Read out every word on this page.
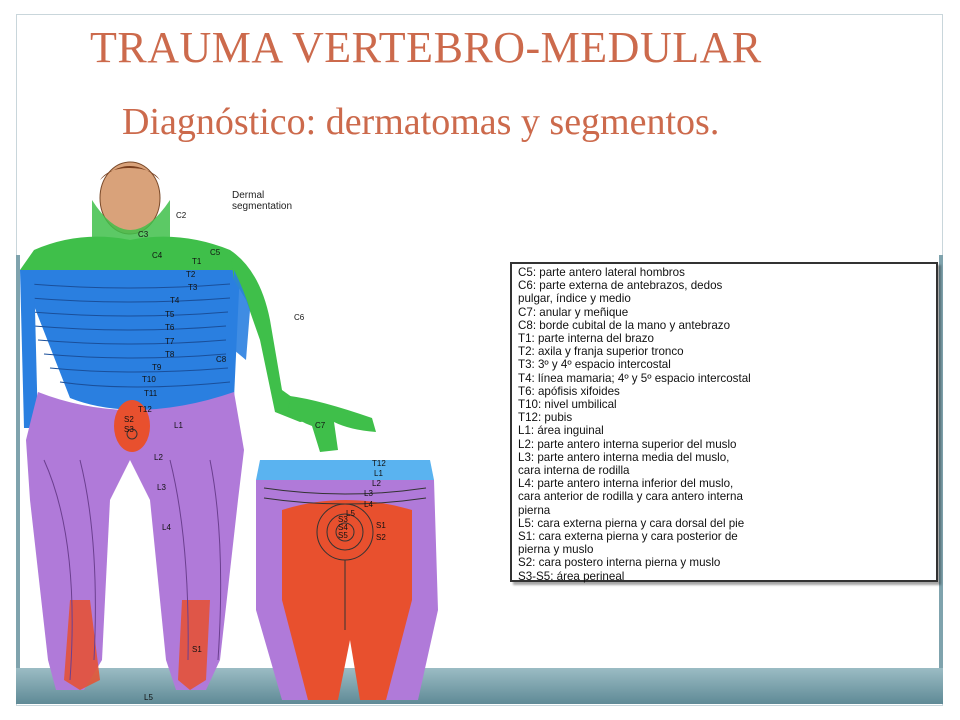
TRAUMA VERTEBRO-MEDULAR
Diagnóstico: dermatomas y segmentos.
C2
C3
C4	C5
T1
T2
T3
T4
T5
T6
T7
T8
T9
T10
T11
T12
L1
L2
L3
L4
L5
S1
S2
S3
C6
C7
C8
T12
L1
L2
L3
L4
L5
S1
S2
S3
S4
S5
Dermal
segmentation
C5: parte antero lateral hombros
C6: parte externa de antebrazos, dedos
pulgar, índice y medio
C7: anular y meñique
C8: borde cubital de la mano y antebrazo
T1: parte interna del brazo
T2: axila y franja superior tronco
T3: 3º y 4º espacio intercostal
T4: línea mamaria; 4º y 5º espacio intercostal
T6: apófisis xifoides
T10: nivel umbilical
T12: pubis
L1: área inguinal
L2: parte antero interna superior del muslo
L3: parte antero interna media del muslo,
cara interna de rodilla
L4: parte antero interna inferior del muslo,
cara anterior de rodilla y cara antero interna
pierna
L5: cara externa pierna y cara dorsal del pie
S1: cara externa pierna y cara posterior de
pierna y muslo
S2: cara postero interna pierna y muslo
S3-S5: área perineal
